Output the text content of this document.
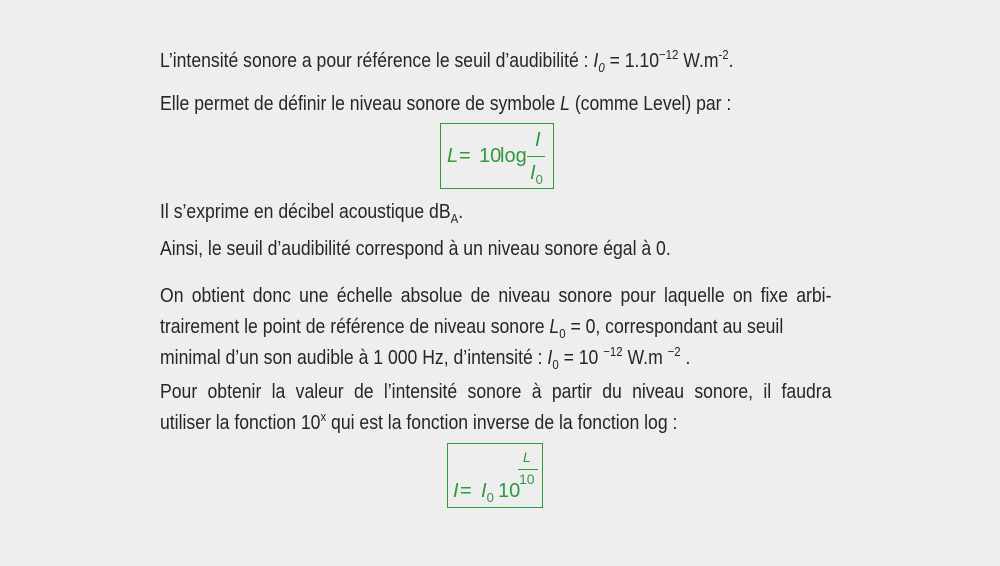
L’intensité sonore a pour référence le seuil d’audibilité : $I_0 = 1.10^{-12}$ $W.m^{-2}$.
Elle permet de définir le niveau sonore de symbole L (comme Level) par :
L = 10
log
I
$I_0$
Il s’exprime en décibel acoustique $dB_A$.
Ainsi, le seuil d’audibilité correspond à un niveau sonore égal à 0.
On obtient donc une échelle absolue de niveau sonore pour laquelle on fixe arbi-
trairement le point de référence de niveau sonore $L_0 = 0$, correspondant au seuil
minimal d’un son audible à 1 000 Hz, d’intensité : $I_0 = 10$ $^{-12}$ W.m $^{-2}$ .
Pour obtenir la valeur de l’intensité sonore à partir du niveau sonore, il faudra
utiliser la fonction 10$^x$ qui est la fonction inverse de la fonction log :
$I = I_0$ 10
L
10
